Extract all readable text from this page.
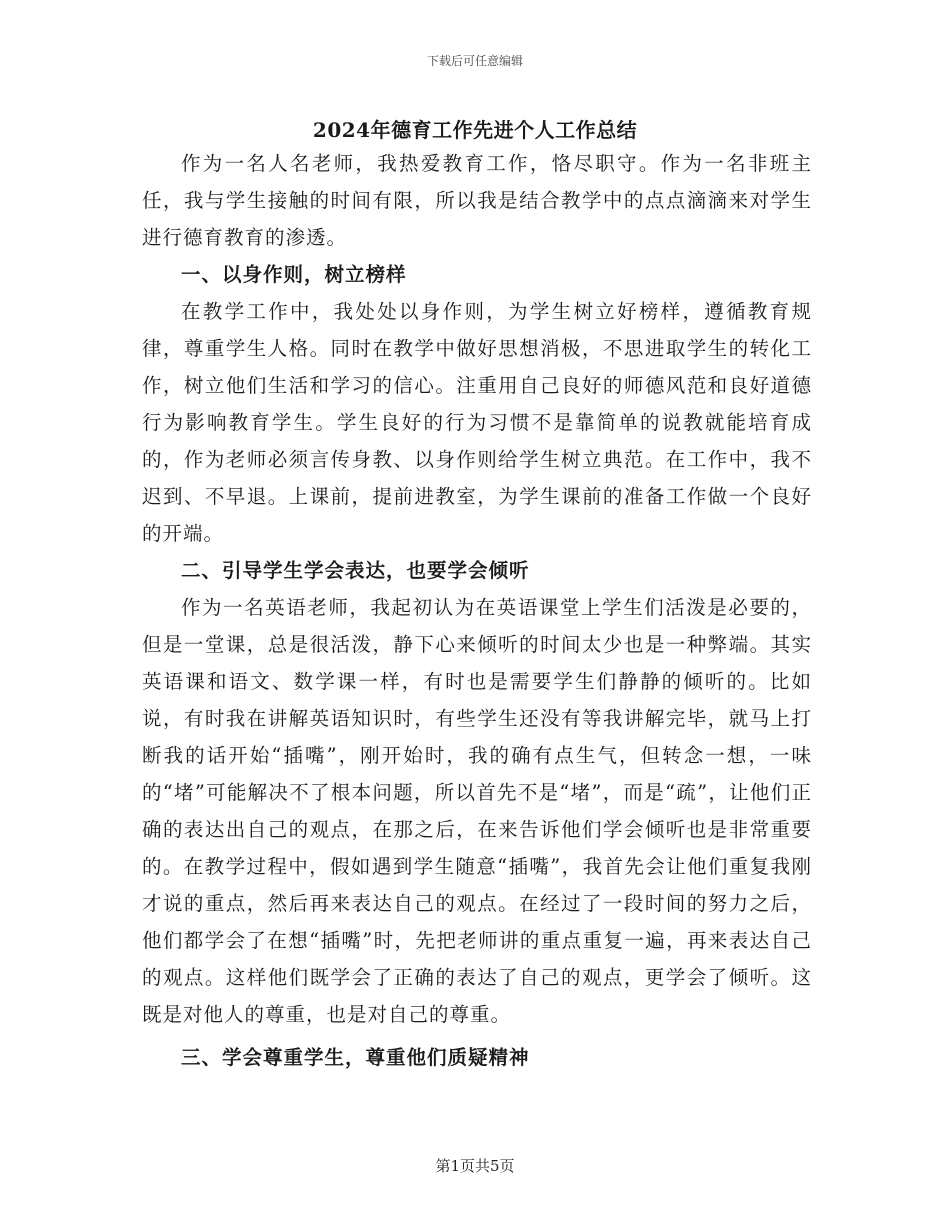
下载后可任意编辑
2024年德育工作先进个人工作总结

作为一名人名老师，我热爱教育工作，恪尽职守。作为一名非班主任，我与学生接触的时间有限，所以我是结合教学中的点点滴滴来对学生进行德育教育的渗透。

一、以身作则，树立榜样

在教学工作中，我处处以身作则，为学生树立好榜样，遵循教育规律，尊重学生人格。同时在教学中做好思想消极，不思进取学生的转化工作，树立他们生活和学习的信心。注重用自己良好的师德风范和良好道德行为影响教育学生。学生良好的行为习惯不是靠简单的说教就能培育成的，作为老师必须言传身教、以身作则给学生树立典范。在工作中，我不迟到、不早退。上课前，提前进教室，为学生课前的准备工作做一个良好的开端。

二、引导学生学会表达，也要学会倾听

作为一名英语老师，我起初认为在英语课堂上学生们活泼是必要的，但是一堂课，总是很活泼，静下心来倾听的时间太少也是一种弊端。其实英语课和语文、数学课一样，有时也是需要学生们静静的倾听的。比如说，有时我在讲解英语知识时，有些学生还没有等我讲解完毕，就马上打断我的话开始“插嘴”，刚开始时，我的确有点生气，但转念一想，一味的“堵”可能解决不了根本问题，所以首先不是“堵”，而是“疏”，让他们正确的表达出自己的观点，在那之后，在来告诉他们学会倾听也是非常重要的。在教学过程中，假如遇到学生随意“插嘴”，我首先会让他们重复我刚才说的重点，然后再来表达自己的观点。在经过了一段时间的努力之后，他们都学会了在想“插嘴”时，先把老师讲的重点重复一遍，再来表达自己的观点。这样他们既学会了正确的表达了自己的观点，更学会了倾听。这既是对他人的尊重，也是对自己的尊重。

三、学会尊重学生，尊重他们质疑精神

第1页共5页
